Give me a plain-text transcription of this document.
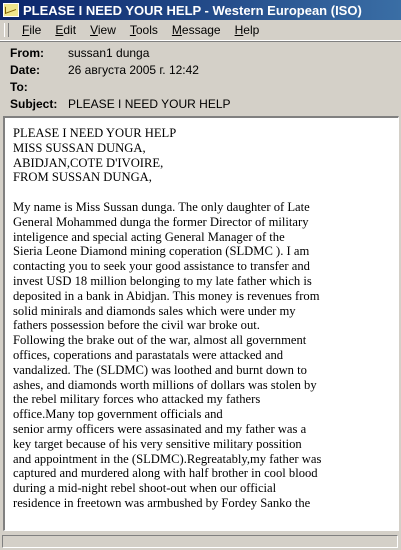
PLEASE I NEED YOUR HELP - Western European (ISO)
File	Edit	View	Tools	Message	Help
From:	sussan1 dunga
Date:	26 августа 2005 г. 12:42
To:
Subject: PLEASE I NEED YOUR HELP

PLEASE I NEED YOUR HELP

MISS SUSSAN DUNGA,

ABIDJAN,COTE D'IVOIRE,

FROM SUSSAN DUNGA,

My name is Miss Sussan dunga. The only daughter of Late

General Mohammed dunga the former Director of military

inteligence and special acting General Manager of the

Sieria Leone Diamond mining coperation (SLDMC ). I am

contacting you to seek your good assistance to transfer and

invest USD 18 million belonging to my late father which is

deposited in a bank in Abidjan. This money is revenues from

solid minirals and diamonds sales which were under my

fathers possession before the civil war broke out.

Following the brake out of the war, almost all government

offices, coperations and parastatals were attacked and

vandalized. The (SLDMC) was loothed and burnt down to

ashes, and diamonds worth millions of dollars was stolen by

the rebel military forces who attacked my fathers

office.Many top government officials and

senior army officers were assasinated and my father was a

key target because of his very sensitive military possition

and appointment in the (SLDMC).Regreatably,my father was

captured and murdered along with half brother in cool blood

during a mid-night rebel shoot-out when our official

residence in freetown was armbushed by Fordey Sanko the
